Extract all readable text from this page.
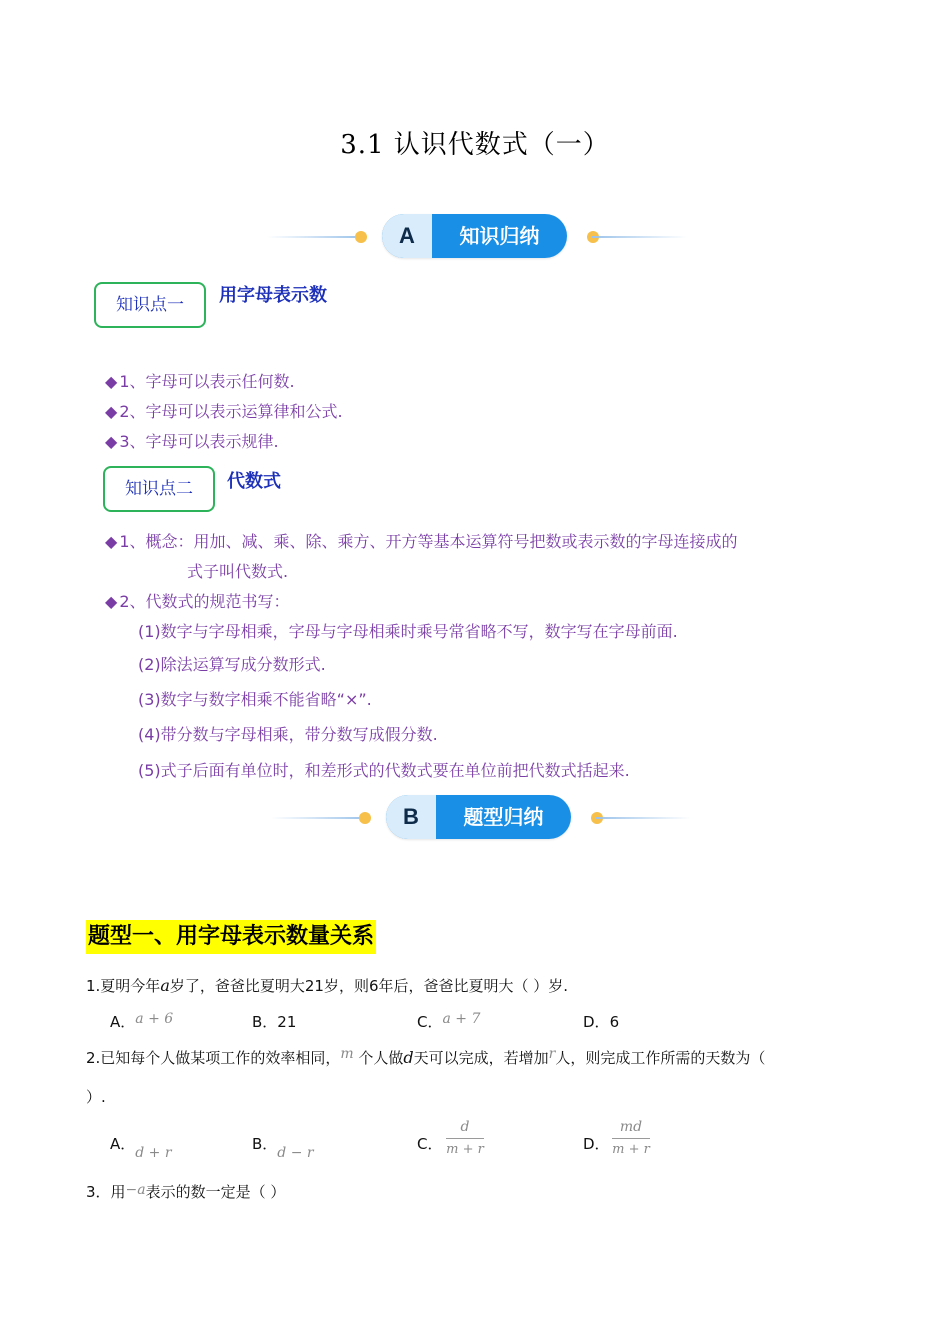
3.1 认识代数式（一）
A	知识归纳
知识点一	用字母表示数
◆ 1、字母可以表示任何数.
◆ 2、字母可以表示运算律和公式.
◆ 3、字母可以表示规律.
知识点二	代数式
◆ 1、概念：用加、减、乘、除、乘方、开方等基本运算符号把数或表示数的字母连接成的
式子叫代数式.
◆ 2、代数式的规范书写：
(1)数字与字母相乘，字母与字母相乘时乘号常省略不写，数字写在字母前面.
(2)除法运算写成分数形式.
(3)数字与数字相乘不能省略“×”.
(4)带分数与字母相乘，带分数写成假分数.
(5)式子后面有单位时，和差形式的代数式要在单位前把代数式括起来.
B	题型归纳
题型一、用字母表示数量关系
1.夏明今年a岁了，爸爸比夏明大21岁，则6年后，爸爸比夏明大（ ）岁.
A．a + 6	B．21	C．a + 7	D．6
2.已知每个人做某项工作的效率相同，m 个人做d天可以完成，若增加r人，则完成工作所需的天数为（
）.
A．d + r	B．d − r	C．
d
m + r	D．
md
m + r
3．用−a表示的数一定是（ ）
